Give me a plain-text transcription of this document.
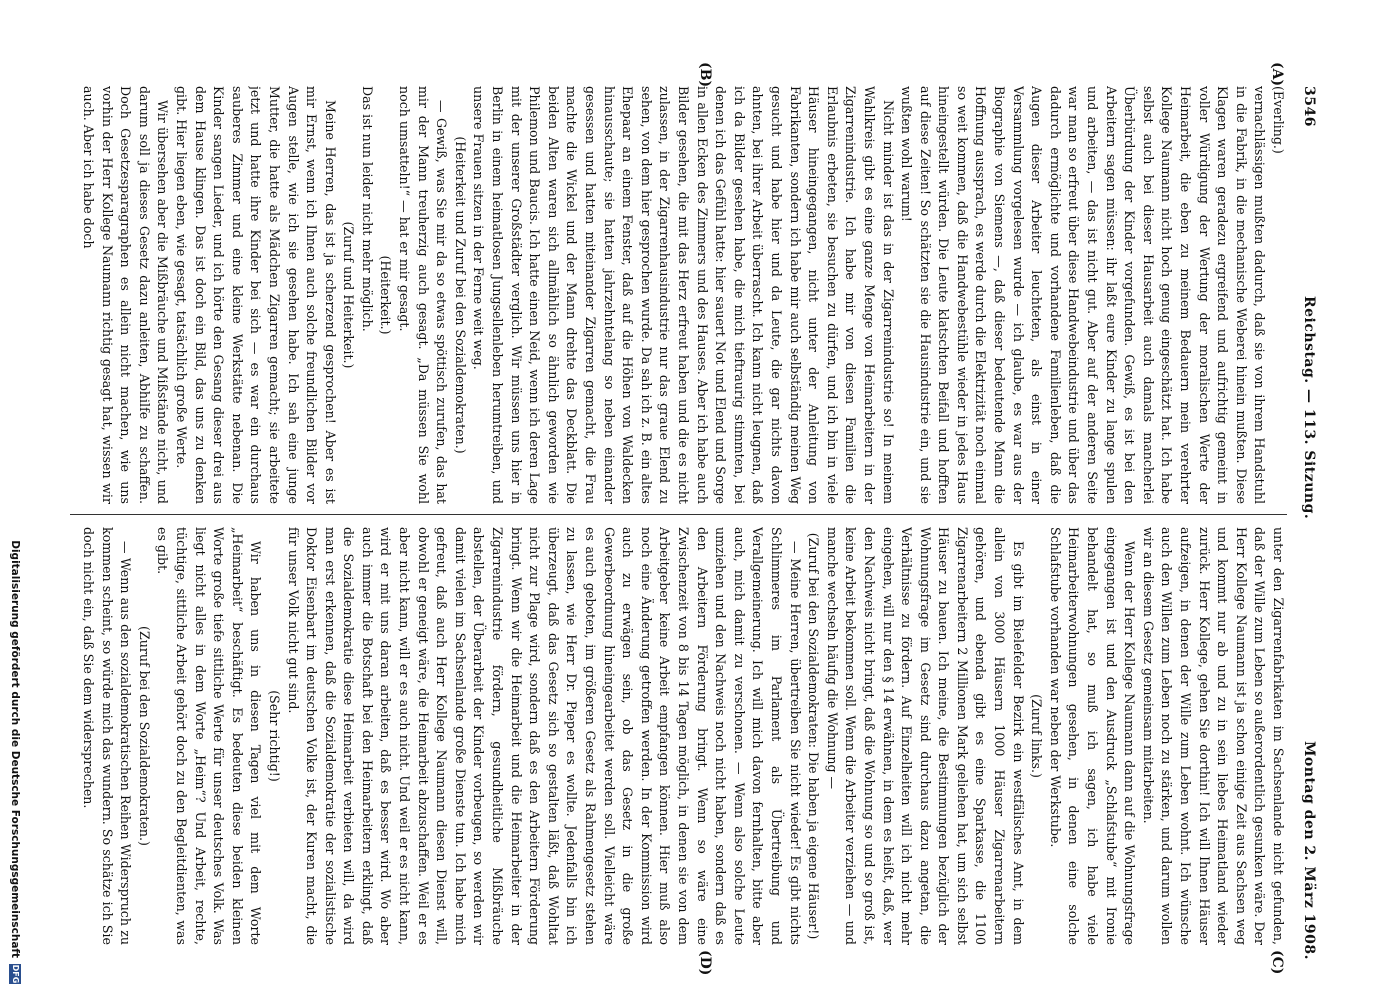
3546
Reichstag. — 113. Sitzung.
Montag den 2. März 1908.
(A)
(B)
(C)
(D)

(Everling.)

vernachlässigen mußten dadurch, daß sie von ihrem Handstuhl in die Fabrik, in die mechanische Weberei hinein mußten. Diese Klagen waren geradezu ergreifend und aufrichtig gemeint in voller Würdigung der Wertung der moralischen Werte der Heimarbeit, die eben zu meinem Bedauern mein verehrter Kollege Naumann nicht hoch genug eingeschätzt hat. Ich habe selbst auch bei dieser Hausarbeit auch damals mancherlei Überbürdung der Kinder vorgefunden. Gewiß, es ist bei den Arbeitern sagen müssen: ihr laßt eure Kinder zu lange spulen und arbeiten, — das ist nicht gut. Aber auf der anderen Seite war man so erfreut über diese Handwebeindustrie und über das dadurch ermöglichte und vorhandene Familienleben, daß die Augen dieser Arbeiter leuchteten, als einst in einer Versammlung vorgelesen wurde — ich glaube, es war aus der Biographie von Siemens —, daß dieser bedeutende Mann die Hoffnung aussprach, es werde durch die Elektrizität noch einmal so weit kommen, daß die Handwebestühle wieder in jedes Haus hineingestellt würden. Die Leute klatschten Beifall und hofften auf diese Zeiten! So schätzten sie die Hausindustrie ein, und sie wußten wohl warum!

Nicht minder ist das in der Zigarrenindustrie so! In meinem Wahlkreis gibt es eine ganze Menge von Heimarbeitern in der Zigarrenindustrie. Ich habe mir von diesen Familien die Erlaubnis erbeten, sie besuchen zu dürfen, und ich bin in viele Häuser hineingegangen, nicht unter der Anleitung von Fabrikanten, sondern ich habe mir auch selbständig meinen Weg gesucht und habe hier und da Leute, die gar nichts davon ahnten, bei ihrer Arbeit überrascht. Ich kann nicht leugnen, daß ich da Bilder gesehen habe, die mich tieftraurig stimmten, bei denen ich das Gefühl hatte: hier sauert Not und Elend und Sorge in allen Ecken des Zimmers und des Hauses. Aber ich habe auch Bilder gesehen, die mit das Herz erfreut haben und die es nicht zulassen, in der Zigarrenhausindustrie nur das graue Elend zu sehen, von dem hier gesprochen wurde. Da sah ich z. B. ein altes Ehepaar an einem Fenster, daß auf die Höhen von Waldecken hinausschaute; sie hatten jahrzehntelang so neben einander gesessen und hatten miteinander Zigarren gemacht, die Frau machte die Wickel und der Mann drehte das Deckblatt. Die beiden Alten waren sich allmählich so ähnlich geworden wie Philemon und Baucis. Ich hatte einen Neid, wenn ich deren Lage mit der unserer Großstädter verglich. Wir müssen uns hier in Berlin in einem heimatlosen Jungsellenleben herumtreiben, und unsere Frauen sitzen in der Ferne weit weg.

(Heiterkeit und Zuruf bei den Sozialdemokraten.)

— Gewiß, was Sie mir da so etwas spöttisch zurufen, das hat mir der Mann treuherzig auch gesagt. „Da müssen Sie wohl noch umsatteln!“ — hat er mir gesagt.

(Heiterkeit.)

Das ist nun leider nicht mehr möglich.

(Zuruf und Heiterkeit.)

Meine Herren, das ist ja scherzend gesprochen! Aber es ist mir Ernst, wenn ich Ihnen auch solche freundlichen Bilder vor Augen stelle, wie ich sie gesehen habe. Ich sah eine junge Mutter, die hatte als Mädchen Zigarren gemacht; sie arbeitete jetzt und hatte ihre Kinder bei sich — es war ein durchaus sauberes Zimmer und eine kleine Werkstätte nebenan. Die Kinder sangen Lieder, und ich hörte den Gesang dieser drei aus dem Hause klingen. Das ist doch ein Bild, das uns zu denken gibt. Hier liegen eben, wie gesagt, tatsächlich große Werte.

Wir übersehen aber die Mißbräuche und Mißstände nicht, und darum soll ja dieses Gesetz dazu anleiten, Abhilfe zu schaffen. Doch Gesetzesparagraphen es allein nicht machen, wie uns vorhin der Herr Kollege Naumann richtig gesagt hat, wissen wir auch. Aber ich habe doch

unter den Zigarrenfabrikaten im Sachsenlande nicht gefunden, daß der Wille zum Leben so außerordentlich gesunken wäre. Der Herr Kollege Naumann ist ja schon einige Zeit aus Sachsen weg und kommt nur ab und zu in sein liebes Heimatland wieder zurück. Herr Kollege, gehen Sie dorthin! Ich will Ihnen Häuser aufzeigen, in denen der Wille zum Leben wohnt. Ich wünsche auch den Willen zum Leben noch zu stärken, und darum wollen wir an diesem Gesetz gemeinsam mitarbeiten.

Wenn der Herr Kollege Naumann dann auf die Wohnungsfrage eingegangen ist und den Ausdruck „Schlafstube“ mit Ironie behandelt hat, so muß ich sagen, ich habe viele Heimarbeiterwohnungen gesehen, in denen eine solche Schlafstube vorhanden war neben der Werkstube.

(Zuruf links.)

Es gibt im Bielefelder Bezirk ein westfälisches Amt, in dem allein von 3000 Häusern 1000 Häuser Zigarrenarbeitern gehören, und ebenda gibt es eine Sparkasse, die 1100 Zigarrenarbeitern 2 Millionen Mark geliehen hat, um sich selbst Häuser zu bauen. Ich meine, die Bestimmungen bezüglich der Wohnungsfrage im Gesetz sind durchaus dazu angetan, die Verhältnisse zu fördern. Auf Einzelheiten will ich nicht mehr eingehen, will nur den § 14 erwähnen, in dem es heißt, daß, wer den Nachweis nicht bringt, daß die Wohnung so und so groß ist, keine Arbeit bekommen soll. Wenn die Arbeiter verziehen — und manche wechseln häufig die Wohnung —

(Zuruf bei den Sozialdemokraten: Die haben ja eigene Häuser!)

— Meine Herren, übertreiben Sie nicht wieder! Es gibt nichts Schlimmeres im Parlament als Übertreibung und Verallgemeinerung. Ich will mich davon fernhalten, bitte aber auch, mich damit zu verschonen. — Wenn also solche Leute umziehen und den Nachweis noch nicht haben, sondern daß es den Arbeitern Förderung bringt. Wenn so wäre eine Zwischenzeit von 8 bis 14 Tagen möglich, in denen sie von dem Arbeitgeber keine Arbeit empfangen können. Hier muß also noch eine Änderung getroffen werden. In der Kommission wird auch zu erwägen sein, ob das Gesetz in die große Gewerbeordnung hineingearbeitet werden soll. Vielleicht wäre es auch geboten, im größeren Gesetz als Rahmengesetz stehen zu lassen, wie Herr Dr. Pieper es wollte. Jedenfalls bin ich überzeugt, daß das Gesetz sich so gestalten läßt, daß Wohltat nicht zur Plage wird, sondern daß es den Arbeitern Förderung bringt. Wenn wir die Heimarbeit und die Heimarbeiter in der Zigarrenindustrie fördern, gesundheitliche Mißbräuche abstellen, der Überarbeit der Kinder vorbeugen, so werden wir damit vielen im Sachsenlande große Dienste tun. Ich habe mich gefreut, daß auch Herr Kollege Naumann diesen Dienst will, obwohl er geneigt wäre, die Heimarbeit abzuschaffen. Weil er es aber nicht kann, will er es auch nicht. Und weil er es nicht kann, wird er mit uns daran arbeiten, daß es besser wird. Wo aber auch immer die Botschaft bei den Heimarbeitern erklingt, daß die Sozialdemokratie diese Heimarbeit verbieten will, da wird man erst erkennen, daß die Sozialdemokratie der sozialistische Doktor Eisenbart im deutschen Volke ist, der Kuren macht, die für unser Volk nicht gut sind.

(Sehr richtig!)

Wir haben uns in diesen Tagen viel mit dem Worte „Heimarbeit“ beschäftigt. Es bedeuten diese beiden kleinen Worte große tiefe sittliche Werte für unser deutsches Volk. Was liegt nicht alles in dem Worte „Heim“? Und Arbeit, rechte, tüchtige, sittliche Arbeit gehört doch zu den Begleitdienten, was es gibt.

(Zuruf bei den Sozialdemokraten.)

— Wenn aus den sozialdemokratischen Reihen Widerspruch zu kommen scheint, so würde mich das wundern. So schätze ich Sie doch nicht ein, daß Sie dem widersprechen.

Digitalisierung gefördert durch die Deutsche Forschungsgemeinschaft
DFG
